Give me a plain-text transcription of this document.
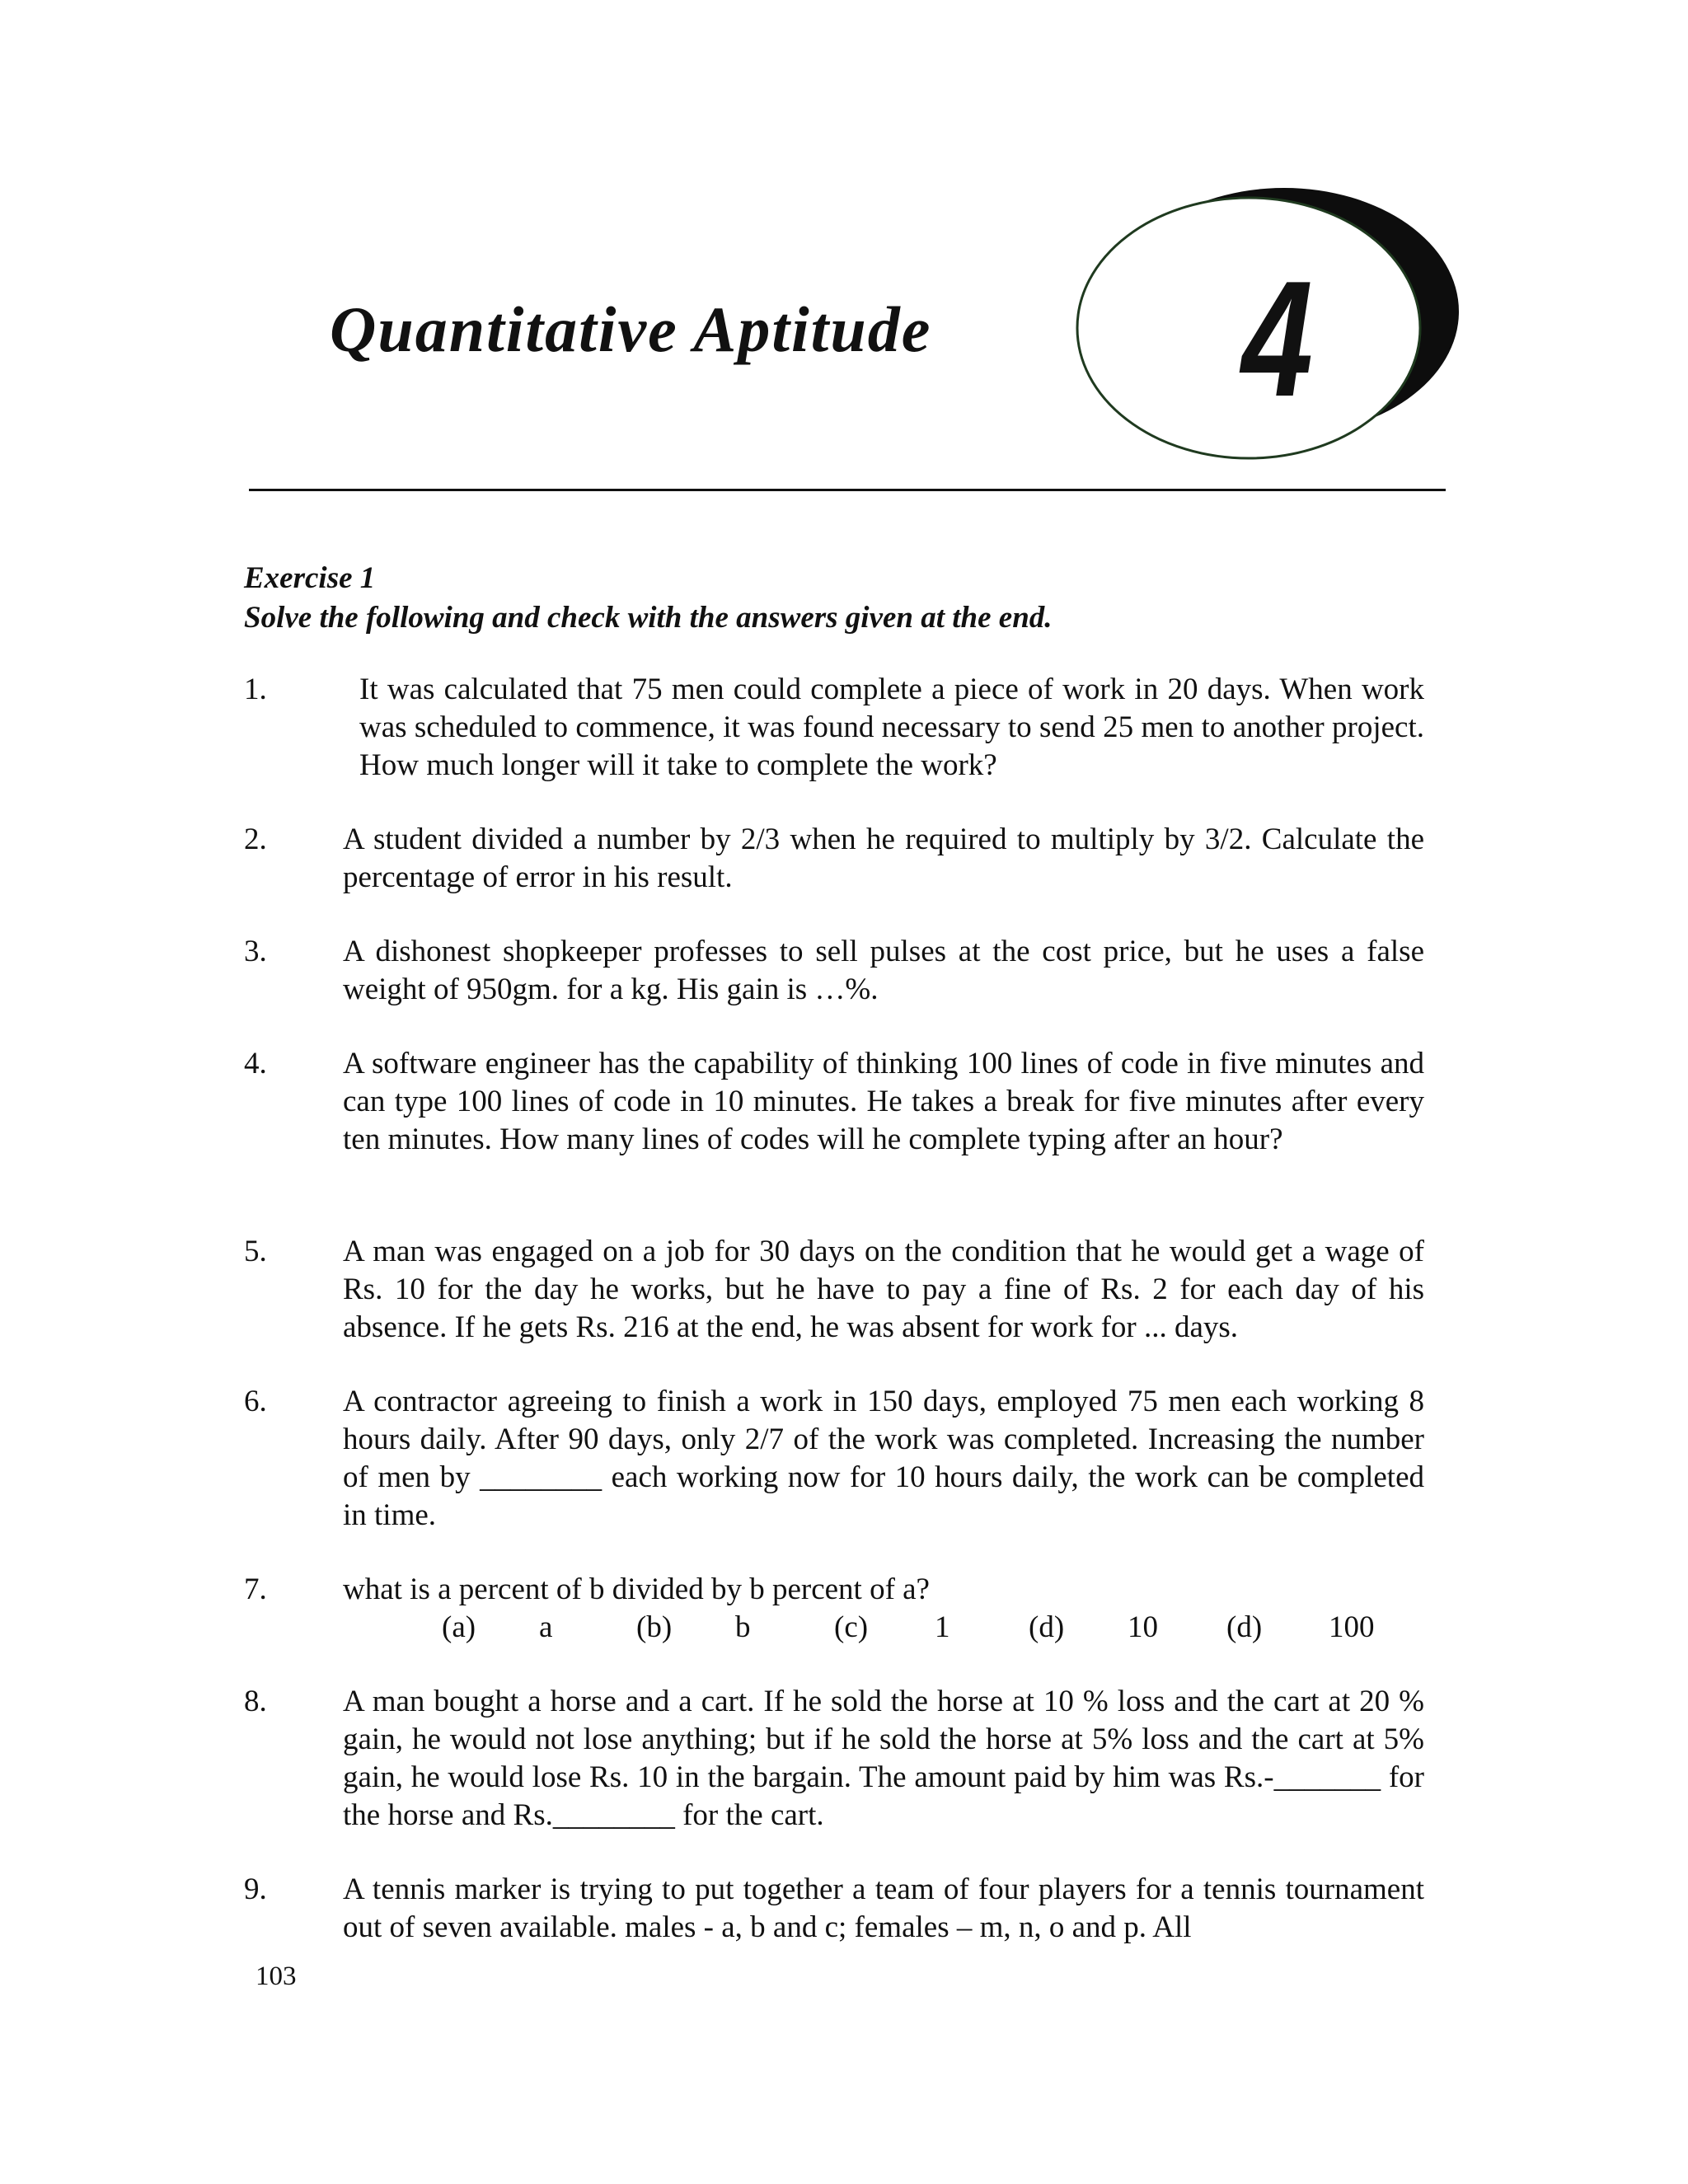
Quantitative Aptitude 4
Exercise 1
Solve the following and check with the answers given at the end.
1.	It was calculated that 75 men could complete a piece of work in 20 days. When work was scheduled to commence, it was found necessary to send 25 men to another project. How much longer will it take to complete the work?
2. A student divided a number by 2/3 when he required to multiply by 3/2. Calculate the percentage of error in his result.
3. A dishonest shopkeeper professes to sell pulses at the cost price, but he uses a false weight of 950gm. for a kg. His gain is …%.
4. A software engineer has the capability of thinking 100 lines of code in five minutes and can type 100 lines of code in 10 minutes. He takes a break for five minutes after every ten minutes. How many lines of codes will he complete typing after an hour?
5. A man was engaged on a job for 30 days on the condition that he would get a wage of Rs. 10 for the day he works, but he have to pay a fine of Rs. 2 for each day of his absence. If he gets Rs. 216 at the end, he was absent for work for ... days.
6. A contractor agreeing to finish a work in 150 days, employed 75 men each working 8 hours daily. After 90 days, only 2/7 of the work was completed. Increasing the number of men by ________ each working now for 10 hours daily, the work can be completed in time.
7. what is a percent of b divided by b percent of a?
(a) a	(b) b	(c) 1	(d) 10 (d) 100
8. A man bought a horse and a cart. If he sold the horse at 10 % loss and the cart at 20 % gain, he would not lose anything; but if he sold the horse at 5% loss and the cart at 5% gain, he would lose Rs. 10 in the bargain. The amount paid by him was Rs.-_______ for the horse and Rs.________ for the cart.
9. A tennis marker is trying to put together a team of four players for a tennis tournament out of seven available. males - a, b and c; females – m, n, o and p. All
103
